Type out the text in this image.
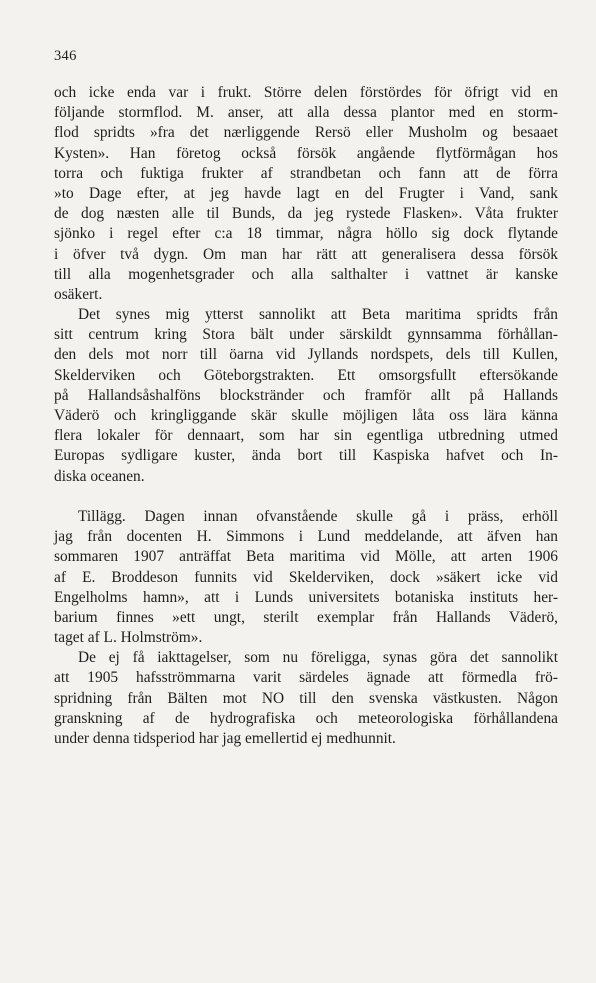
346
och icke enda var i frukt. Större delen förstördes för öfrigt vid en
följande stormflod. M. anser, att alla dessa plantor med en storm-
flod spridts »fra det nærliggende Rersö eller Musholm og besaaet
Kysten». Han företog också försök angående flytförmågan hos
torra och fuktiga frukter af strandbetan och fann att de förra
»to Dage efter, at jeg havde lagt en del Frugter i Vand, sank
de dog næsten alle til Bunds, da jeg rystede Flasken». Våta frukter
sjönko i regel efter c:a 18 timmar, några höllo sig dock flytande
i öfver två dygn. Om man har rätt att generalisera dessa försök
till alla mogenhetsgrader och alla salthalter i vattnet är kanske
osäkert.
Det synes mig ytterst sannolikt att Beta maritima spridts från
sitt centrum kring Stora bält under särskildt gynnsamma förhållan-
den dels mot norr till öarna vid Jyllands nordspets, dels till Kullen,
Skelderviken och Göteborgstrakten. Ett omsorgsfullt eftersökande
på Hallandsåshalföns blockstränder och framför allt på Hallands
Väderö och kringliggande skär skulle möjligen låta oss lära känna
flera lokaler för dennaart, som har sin egentliga utbredning utmed
Europas sydligare kuster, ända bort till Kaspiska hafvet och In-
diska oceanen.
Tillägg. Dagen innan ofvanstående skulle gå i präss, erhöll
jag från docenten H. Simmons i Lund meddelande, att äfven han
sommaren 1907 anträffat Beta maritima vid Mölle, att arten 1906
af E. Broddeson funnits vid Skelderviken, dock »säkert icke vid
Engelholms hamn», att i Lunds universitets botaniska instituts her-
barium finnes »ett ungt, sterilt exemplar från Hallands Väderö,
taget af L. Holmström».
De ej få iakttagelser, som nu föreligga, synas göra det sannolikt
att 1905 hafsströmmarna varit särdeles ägnade att förmedla frö-
spridning från Bälten mot NO till den svenska västkusten. Någon
granskning af de hydrografiska och meteorologiska förhållandena
under denna tidsperiod har jag emellertid ej medhunnit.
